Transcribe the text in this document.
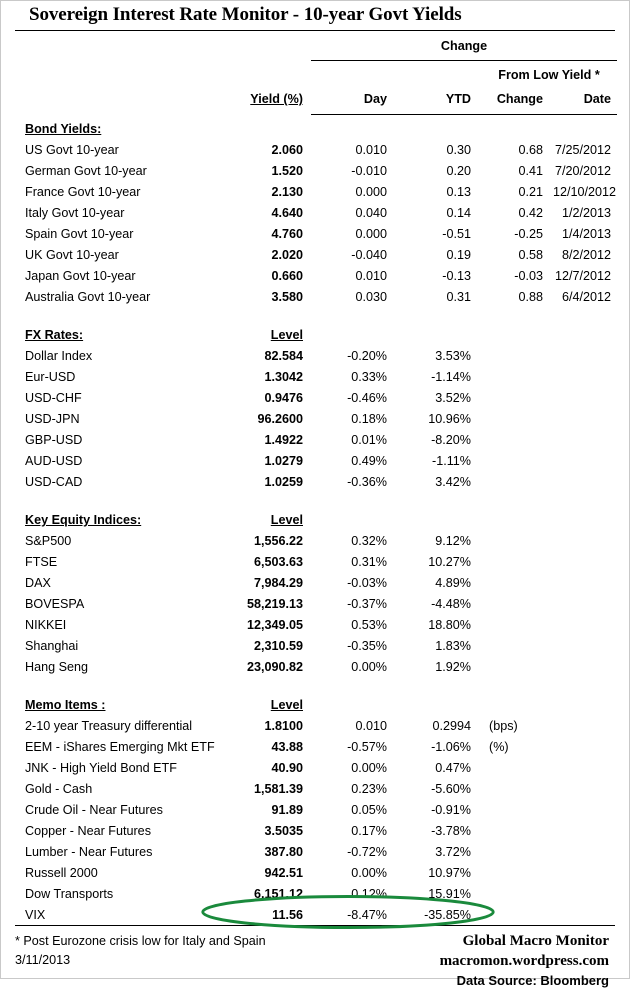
Sovereign Interest Rate Monitor - 10-year Govt Yields
		Change			

				From Low Yield *	
	Yield (%)	Day	YTD	Change	Date

Bond Yields:					
US Govt 10-year	2.060	0.010	0.30	0.68	7/25/2012
German Govt 10-year	1.520	-0.010	0.20	0.41	7/20/2012
France Govt 10-year	2.130	0.000	0.13	0.21	12/10/2012
Italy Govt 10-year	4.640	0.040	0.14	0.42	1/2/2013
Spain Govt 10-year	4.760	0.000	-0.51	-0.25	1/4/2013
UK Govt 10-year	2.020	-0.040	0.19	0.58	8/2/2012
Japan Govt 10-year	0.660	0.010	-0.13	-0.03	12/7/2012
Australia Govt 10-year	3.580	0.030	0.31	0.88	6/4/2012

FX Rates:	Level				
Dollar Index	82.584	-0.20%	3.53%		
Eur-USD	1.3042	0.33%	-1.14%		
USD-CHF	0.9476	-0.46%	3.52%		
USD-JPN	96.2600	0.18%	10.96%		
GBP-USD	1.4922	0.01%	-8.20%		
AUD-USD	1.0279	0.49%	-1.11%		
USD-CAD	1.0259	-0.36%	3.42%		

Key Equity Indices:	Level				
S&P500	1,556.22	0.32%	9.12%		
FTSE	6,503.63	0.31%	10.27%		
DAX	7,984.29	-0.03%	4.89%		
BOVESPA	58,219.13	-0.37%	-4.48%		
NIKKEI	12,349.05	0.53%	18.80%		
Shanghai	2,310.59	-0.35%	1.83%		
Hang Seng	23,090.82	0.00%	1.92%		

Memo Items :	Level				
2-10 year Treasury differential	1.8100	0.010	0.2994	(bps)	
EEM - iShares Emerging Mkt ETF	43.88	-0.57%	-1.06%	(%)	
JNK - High Yield Bond ETF	40.90	0.00%	0.47%		
Gold - Cash	1,581.39	0.23%	-5.60%		
Crude Oil - Near Futures	91.89	0.05%	-0.91%		
Copper - Near Futures	3.5035	0.17%	-3.78%		
Lumber - Near Futures	387.80	-0.72%	3.72%		
Russell 2000	942.51	0.00%	10.97%		
Dow Transports	6,151.12	0.12%	15.91%		
VIX	11.56	-8.47%	-35.85%		
* Post Eurozone crisis low for Italy and Spain
3/11/2013
Global Macro Monitor
macromon.wordpress.com
Data Source: Bloomberg
